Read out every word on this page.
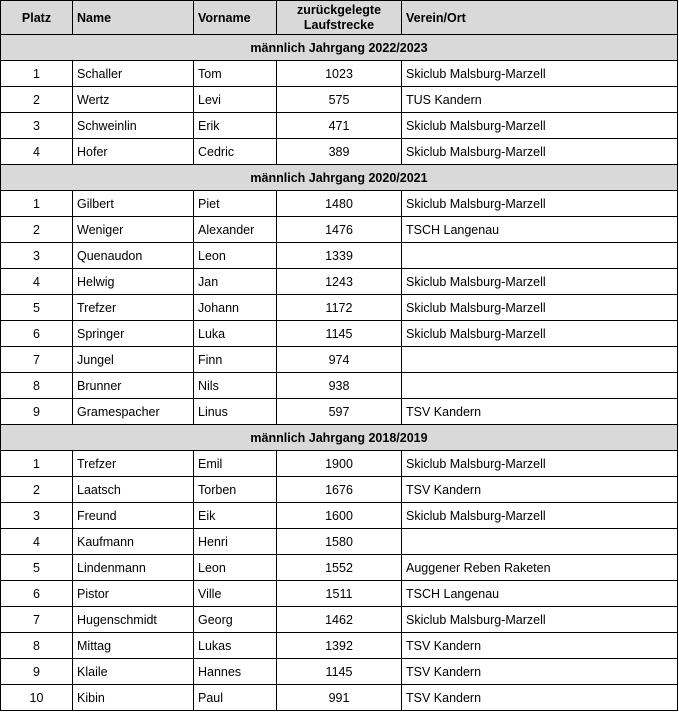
Platz	Name	Vorname	zurückgelegte Laufstrecke	Verein/Ort
männlich Jahrgang 2022/2023				
1	Schaller	Tom	1023	Skiclub Malsburg-Marzell
2	Wertz	Levi	575	TUS Kandern
3	Schweinlin	Erik	471	Skiclub Malsburg-Marzell
4	Hofer	Cedric	389	Skiclub Malsburg-Marzell
männlich Jahrgang 2020/2021				
1	Gilbert	Piet	1480	Skiclub Malsburg-Marzell
2	Weniger	Alexander	1476	TSCH Langenau
3	Quenaudon	Leon	1339	
4	Helwig	Jan	1243	Skiclub Malsburg-Marzell
5	Trefzer	Johann	1172	Skiclub Malsburg-Marzell
6	Springer	Luka	1145	Skiclub Malsburg-Marzell
7	Jungel	Finn	974	
8	Brunner	Nils	938	
9	Gramespacher	Linus	597	TSV Kandern
männlich Jahrgang 2018/2019				
1	Trefzer	Emil	1900	Skiclub Malsburg-Marzell
2	Laatsch	Torben	1676	TSV Kandern
3	Freund	Eik	1600	Skiclub Malsburg-Marzell
4	Kaufmann	Henri	1580	
5	Lindenmann	Leon	1552	Auggener Reben Raketen
6	Pistor	Ville	1511	TSCH Langenau
7	Hugenschmidt	Georg	1462	Skiclub Malsburg-Marzell
8	Mittag	Lukas	1392	TSV Kandern
9	Klaile	Hannes	1145	TSV Kandern
10	Kibin	Paul	991	TSV Kandern
